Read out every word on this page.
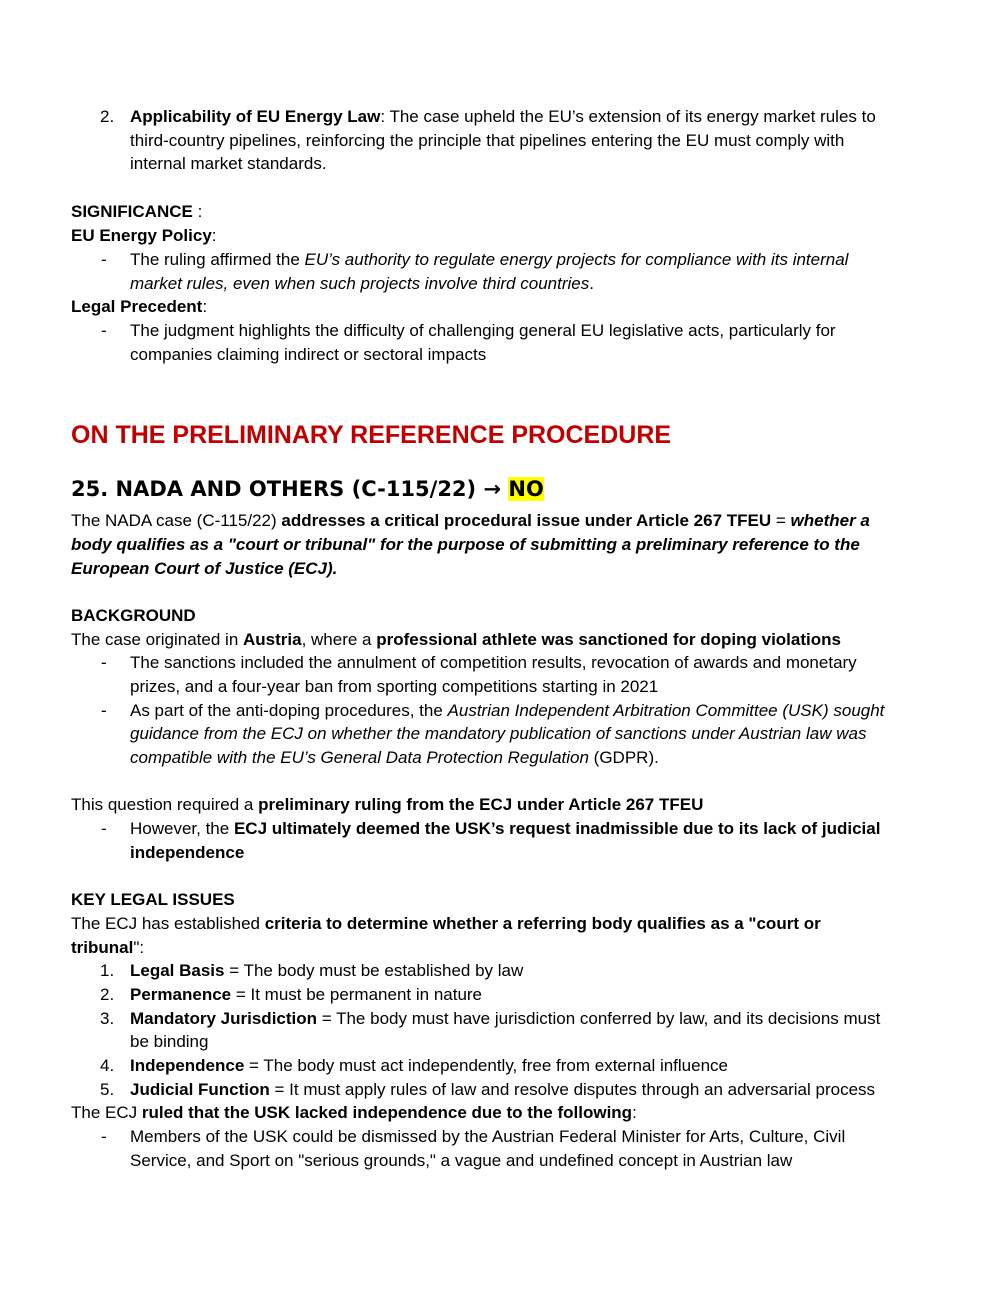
2. Applicability of EU Energy Law: The case upheld the EU’s extension of its energy market rules to
third-country pipelines, reinforcing the principle that pipelines entering the EU must comply with
internal market standards.
SIGNIFICANCE :
EU Energy Policy:
- The ruling affirmed the EU’s authority to regulate energy projects for compliance with its internal
market rules, even when such projects involve third countries.
Legal Precedent:
- The judgment highlights the difficulty of challenging general EU legislative acts, particularly for
companies claiming indirect or sectoral impacts
ON THE PRELIMINARY REFERENCE PROCEDURE
25. NADA AND OTHERS (C-115/22) → NO
The NADA case (C-115/22) addresses a critical procedural issue under Article 267 TFEU = whether a
body qualifies as a "court or tribunal" for the purpose of submitting a preliminary reference to the
European Court of Justice (ECJ).
BACKGROUND
The case originated in Austria, where a professional athlete was sanctioned for doping violations
- The sanctions included the annulment of competition results, revocation of awards and monetary
prizes, and a four-year ban from sporting competitions starting in 2021
- As part of the anti-doping procedures, the Austrian Independent Arbitration Committee (USK) sought
guidance from the ECJ on whether the mandatory publication of sanctions under Austrian law was
compatible with the EU’s General Data Protection Regulation (GDPR).
This question required a preliminary ruling from the ECJ under Article 267 TFEU
- However, the ECJ ultimately deemed the USK’s request inadmissible due to its lack of judicial
independence
KEY LEGAL ISSUES
The ECJ has established criteria to determine whether a referring body qualifies as a "court or
tribunal":
1. Legal Basis = The body must be established by law
2. Permanence = It must be permanent in nature
3. Mandatory Jurisdiction = The body must have jurisdiction conferred by law, and its decisions must
be binding
4. Independence = The body must act independently, free from external influence
5. Judicial Function = It must apply rules of law and resolve disputes through an adversarial process
The ECJ ruled that the USK lacked independence due to the following:
- Members of the USK could be dismissed by the Austrian Federal Minister for Arts, Culture, Civil
Service, and Sport on "serious grounds," a vague and undefined concept in Austrian law
